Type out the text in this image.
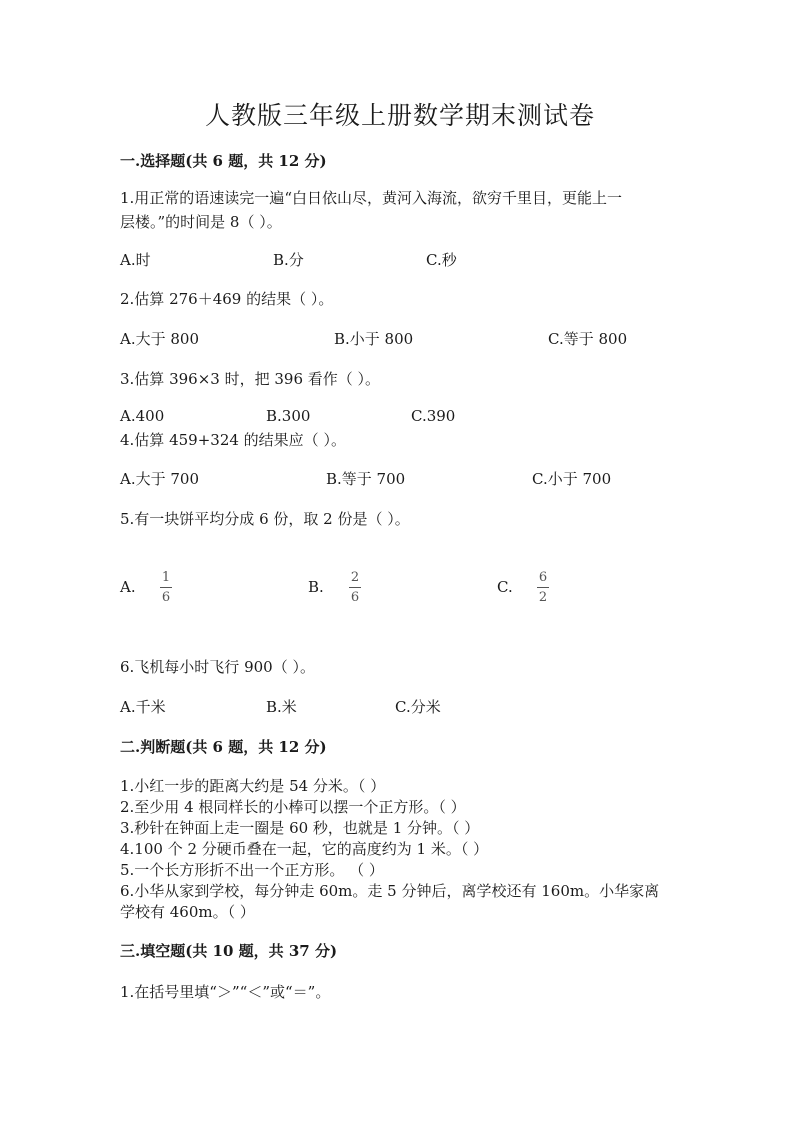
人教版三年级上册数学期末测试卷
一.选择题(共 6 题，共 12 分)
1.用正常的语速读完一遍“白日依山尽，黄河入海流，欲穷千里目，更能上一
层楼。”的时间是 8（ ）。
A.时	B.分	C.秒
2.估算 276＋469 的结果（ ）。
A.大于 800	B.小于 800	C.等于 800
3.估算 396×3 时，把 396 看作（ ）。
A.400	B.300	C.390
4.估算 459+324 的结果应（ ）。
A.大于 700	B.等于 700	C.小于 700
5.有一块饼平均分成 6 份，取 2 份是（ ）。
A.
1
6
B.
2
6
C.
6
2
6.飞机每小时飞行 900（ ）。
A.千米	B.米	C.分米
二.判断题(共 6 题，共 12 分)
1.小红一步的距离大约是 54 分米。（ ）
2.至少用 4 根同样长的小棒可以摆一个正方形。（ ）
3.秒针在钟面上走一圈是 60 秒，也就是 1 分钟。（ ）
4.100 个 2 分硬币叠在一起，它的高度约为 1 米。（ ）
5.一个长方形折不出一个正方形。 （ ）
6.小华从家到学校，每分钟走 60m。走 5 分钟后，离学校还有 160m。小华家离
学校有 460m。（ ）
三.填空题(共 10 题，共 37 分)
1.在括号里填“＞”“＜”或“＝”。
